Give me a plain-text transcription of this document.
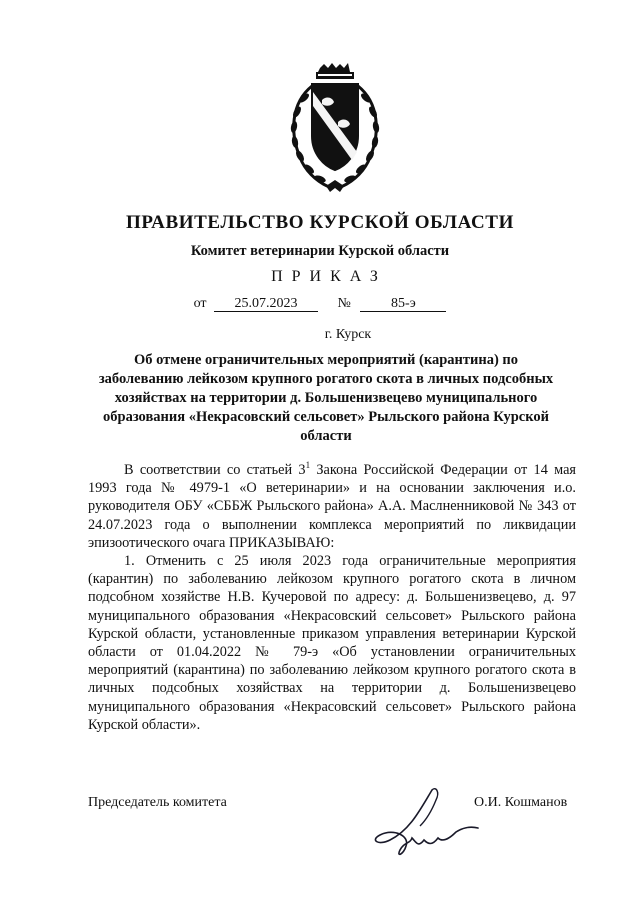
ПРАВИТЕЛЬСТВО КУРСКОЙ ОБЛАСТИ
Комитет ветеринарии Курской области
ПРИКАЗ
от 25.07.2023	№	85-э
г. Курск
Об отмене ограничительных мероприятий (карантина) по заболеванию лейкозом крупного рогатого скота в личных подсобных хозяйствах на территории д. Большенизвецево муниципального образования «Некрасовский сельсовет» Рыльского района Курской области

В соответствии со статьей $3^1$ Закона Российской Федерации от 14 мая 1993 года № 4979-1 «О ветеринарии» и на основании заключения и.о. руководителя ОБУ «СББЖ Рыльского района» А.А. Маслненниковой № 343 от 24.07.2023 года о выполнении комплекса мероприятий по ликвидации эпизоотического очага ПРИКАЗЫВАЮ:

1. Отменить с 25 июля 2023 года ограничительные мероприятия (карантин) по заболеванию лейкозом крупного рогатого скота в личном подсобном хозяйстве Н.В. Кучеровой по адресу: д. Большенизвецево, д. 97 муниципального образования «Некрасовский сельсовет» Рыльского района Курской области, установленные приказом управления ветеринарии Курской области от 01.04.2022 № 79-э «Об установлении ограничительных мероприятий (карантина) по заболеванию лейкозом крупного рогатого скота в личных подсобных хозяйствах на территории д. Большенизвецево муниципального образования «Некрасовский сельсовет» Рыльского района Курской области».

Председатель комитета	О.И. Кошманов
